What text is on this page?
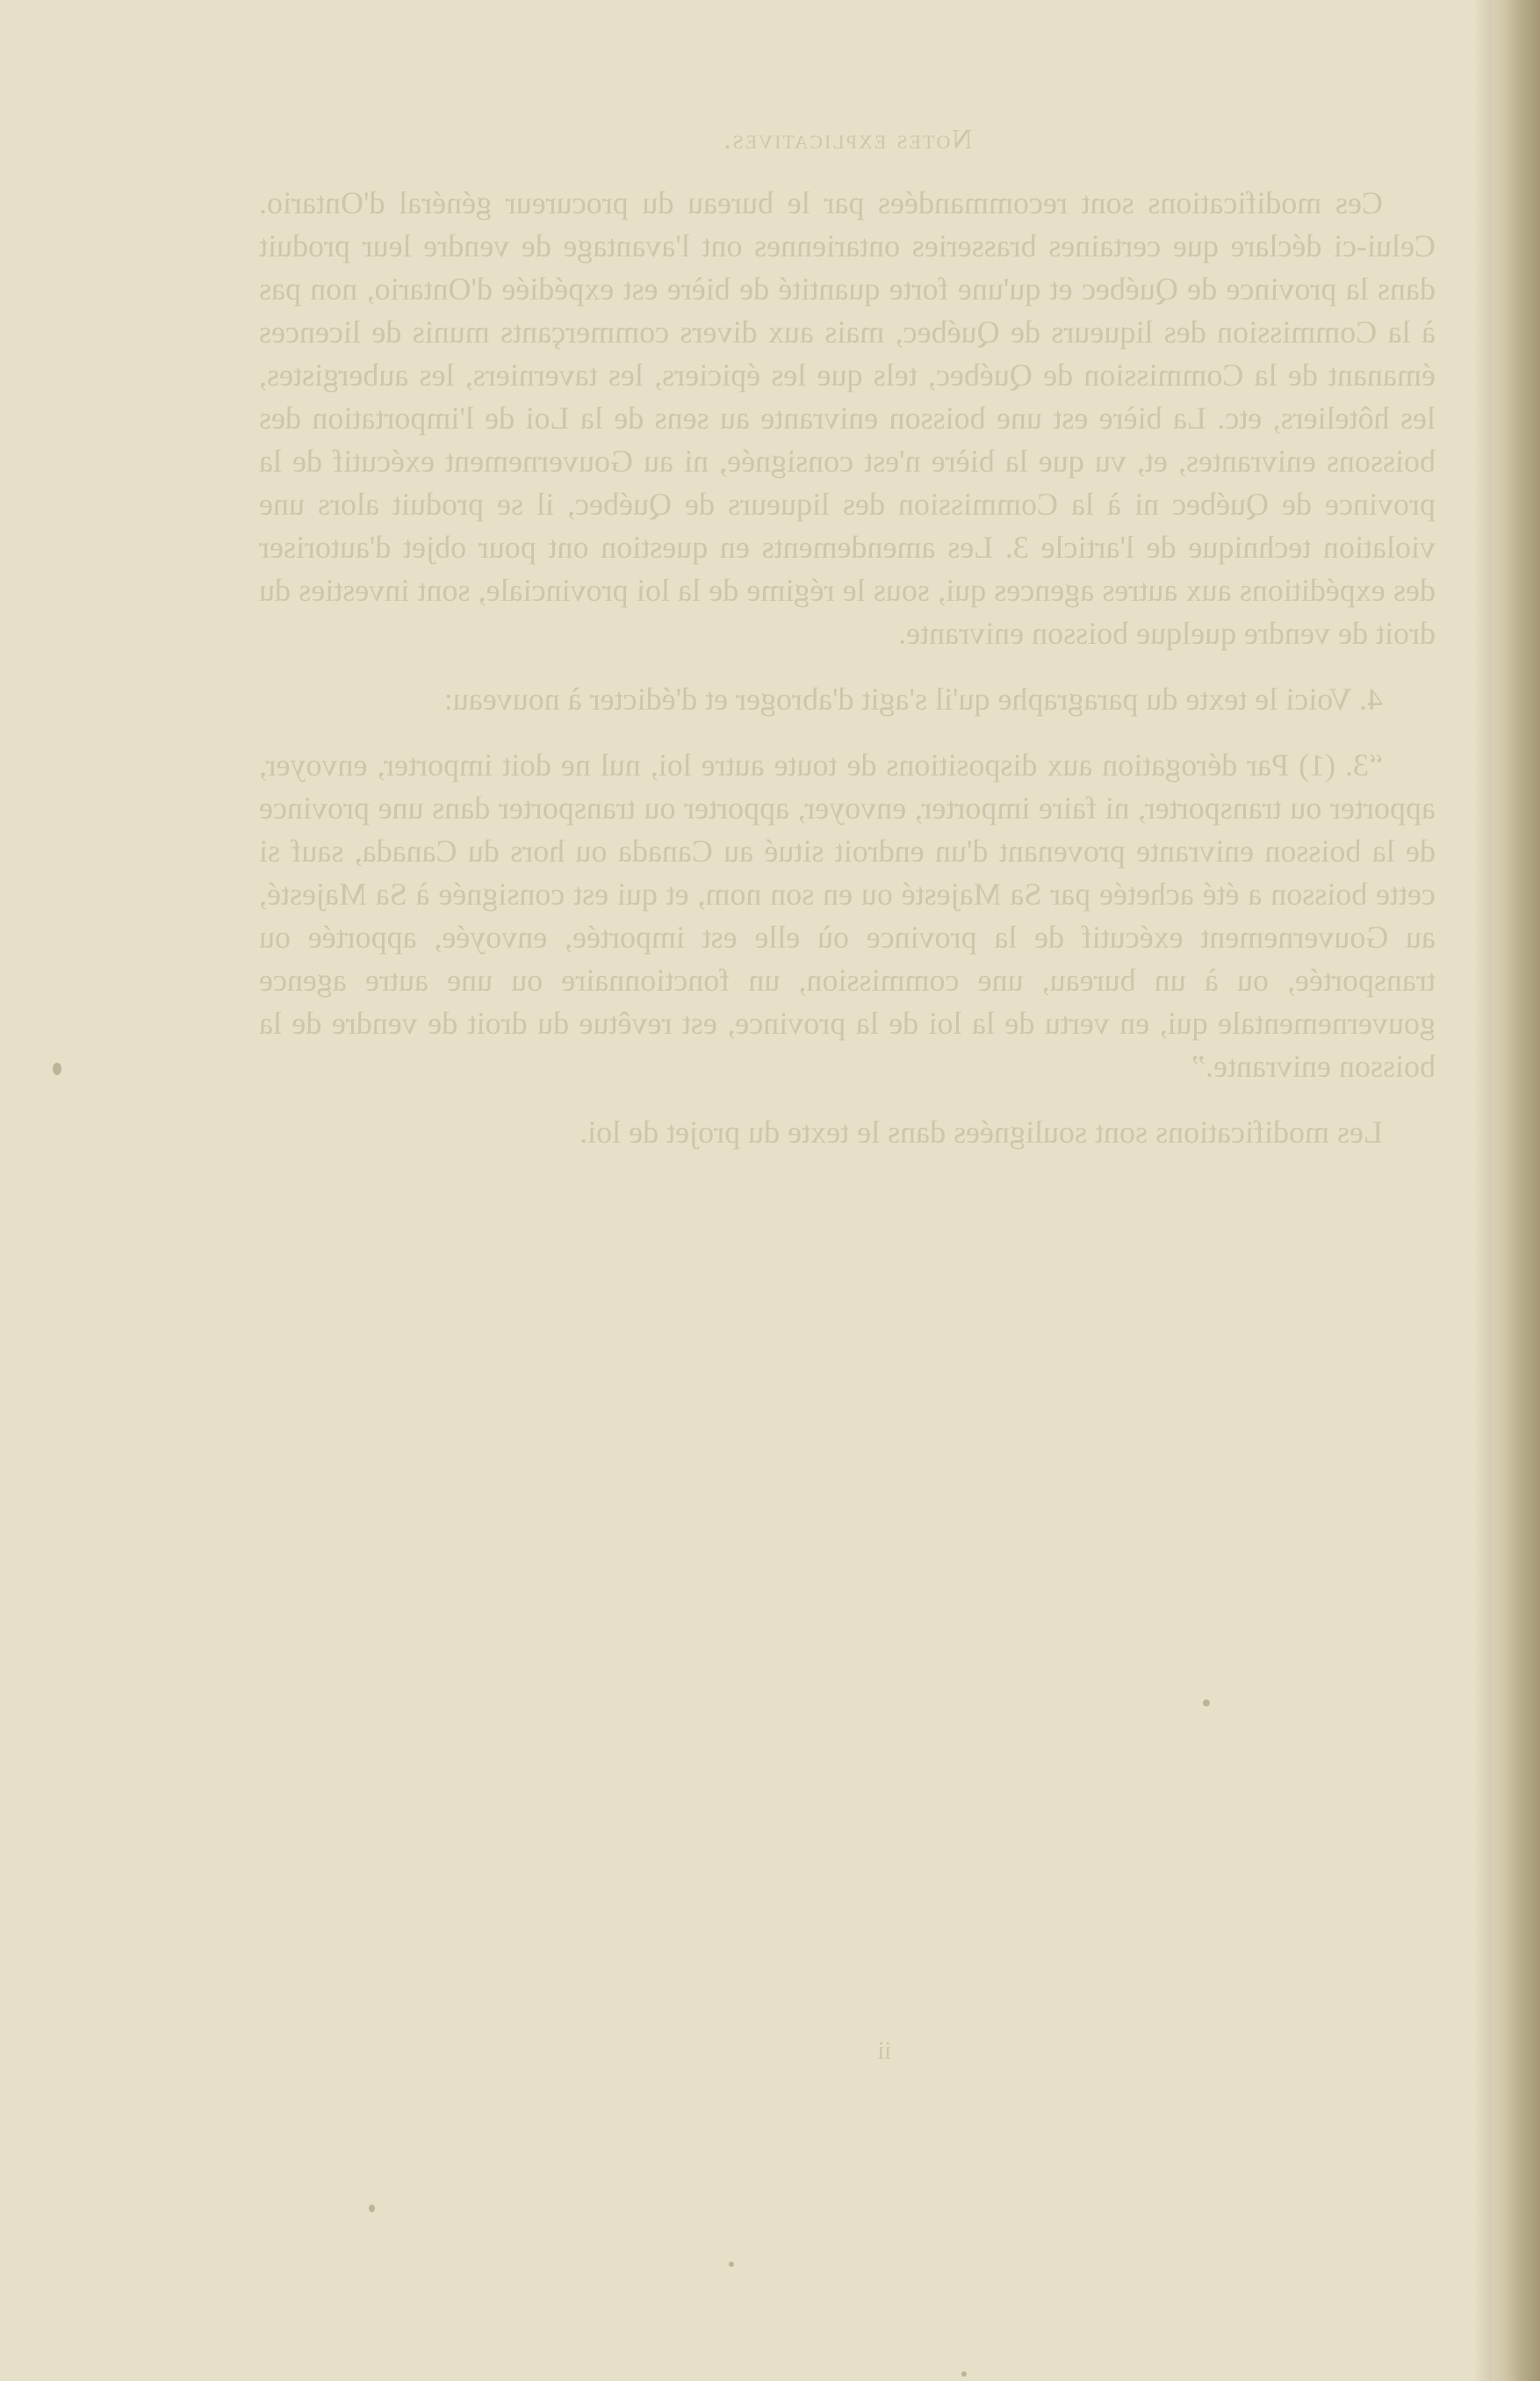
Notes explicatives.

Ces modifications sont recommandées par le bureau du procureur général d'Ontario. Celui-ci déclare que certaines brasseries ontariennes ont l'avantage de vendre leur produit dans la province de Québec et qu'une forte quantité de bière est expédiée d'Ontario, non pas à la Commission des liqueurs de Québec, mais aux divers commerçants munis de licences émanant de la Commission de Québec, tels que les épiciers, les taverniers, les aubergistes, les hôteliers, etc. La bière est une boisson enivrante au sens de la Loi de l'importation des boissons enivrantes, et, vu que la bière n'est consignée, ni au Gouvernement exécutif de la province de Québec ni à la Commission des liqueurs de Québec, il se produit alors une violation technique de l'article 3. Les amendements en question ont pour objet d'autoriser des expéditions aux autres agences qui, sous le régime de la loi provinciale, sont investies du droit de vendre quelque boisson enivrante.

4. Voici le texte du paragraphe qu'il s'agit d'abroger et d'édicter à nouveau:

“3. (1) Par dérogation aux dispositions de toute autre loi, nul ne doit importer, envoyer, apporter ou transporter, ni faire importer, envoyer, apporter ou transporter dans une province de la boisson enivrante provenant d'un endroit situé au Canada ou hors du Canada, sauf si cette boisson a été achetée par Sa Majesté ou en son nom, et qui est consignée à Sa Majesté, au Gouvernement exécutif de la province où elle est importée, envoyée, apportée ou transportée, ou à un bureau, une commission, un fonctionnaire ou une autre agence gouvernementale qui, en vertu de la loi de la province, est revêtue du droit de vendre de la boisson enivrante.”

Les modifications sont soulignées dans le texte du projet de loi.

ii
